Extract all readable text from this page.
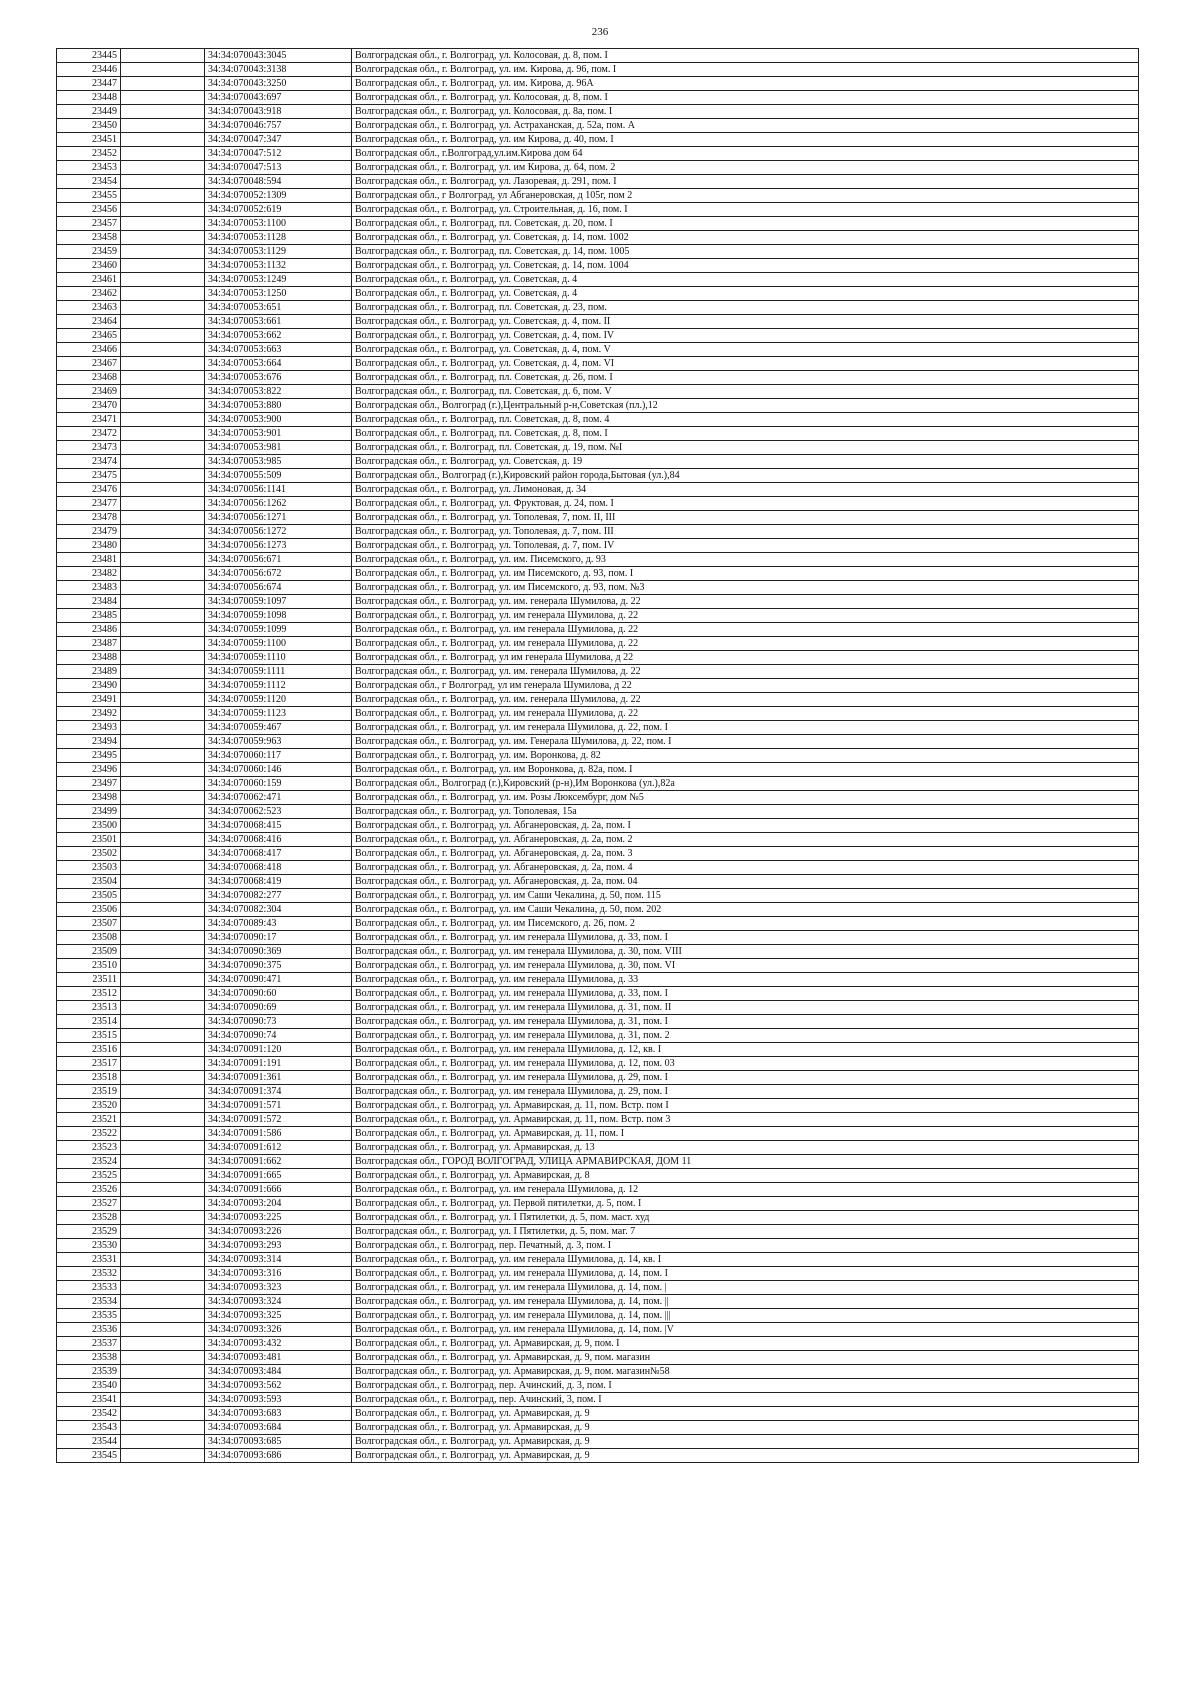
236
23445		34:34:070043:3045	Волгоградская обл., г. Волгоград, ул. Колосовая, д. 8, пом. I
23446		34:34:070043:3138	Волгоградская обл., г. Волгоград, ул. им. Кирова, д. 96, пом. I
23447		34:34:070043:3250	Волгоградская обл., г. Волгоград, ул. им. Кирова, д. 96А
23448		34:34:070043:697	Волгоградская обл., г. Волгоград, ул. Колосовая, д. 8, пом. I
23449		34:34:070043:918	Волгоградская обл., г. Волгоград, ул. Колосовая, д. 8а, пом. I
23450		34:34:070046:757	Волгоградская обл., г. Волгоград, ул. Астраханская, д. 52а, пом. А
23451		34:34:070047:347	Волгоградская обл., г. Волгоград, ул. им Кирова, д. 40, пом. I
23452		34:34:070047:512	Волгоградская обл., г.Волгоград,ул.им.Кирова дом 64
23453		34:34:070047:513	Волгоградская обл., г. Волгоград, ул. им Кирова, д. 64, пом. 2
23454		34:34:070048:594	Волгоградская обл., г. Волгоград, ул. Лазоревая, д. 291, пом. I
23455		34:34:070052:1309	Волгоградская обл., г Волгоград, ул Абганеровская, д 105г, пом 2
23456		34:34:070052:619	Волгоградская обл., г. Волгоград, ул. Строительная, д. 16, пом. I
23457		34:34:070053:1100	Волгоградская обл., г. Волгоград, пл. Советская, д. 20, пом. I
23458		34:34:070053:1128	Волгоградская обл., г. Волгоград, ул. Советская, д. 14, пом. 1002
23459		34:34:070053:1129	Волгоградская обл., г. Волгоград, пл. Советская, д. 14, пом. 1005
23460		34:34:070053:1132	Волгоградская обл., г. Волгоград, ул. Советская, д. 14, пом. 1004
23461		34:34:070053:1249	Волгоградская обл., г. Волгоград, ул. Советская, д. 4
23462		34:34:070053:1250	Волгоградская обл., г. Волгоград, ул. Советская, д. 4
23463		34:34:070053:651	Волгоградская обл., г. Волгоград, пл. Советская, д. 23, пом.
23464		34:34:070053:661	Волгоградская обл., г. Волгоград, ул. Советская, д. 4, пом. II
23465		34:34:070053:662	Волгоградская обл., г. Волгоград, ул. Советская, д. 4, пом. IV
23466		34:34:070053:663	Волгоградская обл., г. Волгоград, ул. Советская, д. 4, пом. V
23467		34:34:070053:664	Волгоградская обл., г. Волгоград, ул. Советская, д. 4, пом. VI
23468		34:34:070053:676	Волгоградская обл., г. Волгоград, пл. Советская, д. 26, пом. I
23469		34:34:070053:822	Волгоградская обл., г. Волгоград, пл. Советская, д. 6, пом. V
23470		34:34:070053:880	Волгоградская обл., Волгоград (г.),Центральный р-н,Советская (пл.),12
23471		34:34:070053:900	Волгоградская обл., г. Волгоград, пл. Советская, д. 8, пом. 4
23472		34:34:070053:901	Волгоградская обл., г. Волгоград, пл. Советская, д. 8, пом. I
23473		34:34:070053:981	Волгоградская обл., г. Волгоград, пл. Советская, д. 19, пом. №I
23474		34:34:070053:985	Волгоградская обл., г. Волгоград, ул. Советская, д. 19
23475		34:34:070055:509	Волгоградская обл., Волгоград (г.),Кировский район города,Бытовая (ул.),84
23476		34:34:070056:1141	Волгоградская обл., г. Волгоград, ул. Лимоновая, д. 34
23477		34:34:070056:1262	Волгоградская обл., г. Волгоград, ул. Фруктовая, д. 24, пом. I
23478		34:34:070056:1271	Волгоградская обл., г. Волгоград, ул. Тополевая, 7, пом. II, III
23479		34:34:070056:1272	Волгоградская обл., г. Волгоград, ул. Тополевая, д. 7, пом. III
23480		34:34:070056:1273	Волгоградская обл., г. Волгоград, ул. Тополевая, д. 7, пом. IV
23481		34:34:070056:671	Волгоградская обл., г. Волгоград, ул. им. Писемского, д. 93
23482		34:34:070056:672	Волгоградская обл., г. Волгоград, ул. им Писемского, д. 93, пом. I
23483		34:34:070056:674	Волгоградская обл., г. Волгоград, ул. им Писемского, д. 93, пом. №3
23484		34:34:070059:1097	Волгоградская обл., г. Волгоград, ул. им. генерала Шумилова, д. 22
23485		34:34:070059:1098	Волгоградская обл., г. Волгоград, ул. им генерала Шумилова, д. 22
23486		34:34:070059:1099	Волгоградская обл., г. Волгоград, ул. им генерала Шумилова, д. 22
23487		34:34:070059:1100	Волгоградская обл., г. Волгоград, ул. им генерала Шумилова, д. 22
23488		34:34:070059:1110	Волгоградская обл., г. Волгоград, ул им генерала Шумилова, д 22
23489		34:34:070059:1111	Волгоградская обл., г. Волгоград, ул. им. генерала Шумилова, д. 22
23490		34:34:070059:1112	Волгоградская обл., г Волгоград, ул им генерала Шумилова, д 22
23491		34:34:070059:1120	Волгоградская обл., г. Волгоград, ул. им. генерала Шумилова, д. 22
23492		34:34:070059:1123	Волгоградская обл., г. Волгоград, ул. им генерала Шумилова, д. 22
23493		34:34:070059:467	Волгоградская обл., г. Волгоград, ул. им генерала Шумилова, д. 22, пом. I
23494		34:34:070059:963	Волгоградская обл., г. Волгоград, ул. им. Генерала Шумилова, д. 22, пом. I
23495		34:34:070060:117	Волгоградская обл., г. Волгоград, ул. им. Воронкова, д. 82
23496		34:34:070060:146	Волгоградская обл., г. Волгоград, ул. им Воронкова, д. 82а, пом. I
23497		34:34:070060:159	Волгоградская обл., Волгоград (г.),Кировский (р-н),Им Воронкова (ул.),82а
23498		34:34:070062:471	Волгоградская обл., г. Волгоград, ул. им. Розы Люксембург, дом №5
23499		34:34:070062:523	Волгоградская обл., г. Волгоград, ул. Тополевая, 15а
23500		34:34:070068:415	Волгоградская обл., г. Волгоград, ул. Абганеровская, д. 2а, пом. I
23501		34:34:070068:416	Волгоградская обл., г. Волгоград, ул. Абганеровская, д. 2а, пом. 2
23502		34:34:070068:417	Волгоградская обл., г. Волгоград, ул. Абганеровская, д. 2а, пом. 3
23503		34:34:070068:418	Волгоградская обл., г. Волгоград, ул. Абганеровская, д. 2а, пом. 4
23504		34:34:070068:419	Волгоградская обл., г. Волгоград, ул. Абганеровская, д. 2а, пом. 04
23505		34:34:070082:277	Волгоградская обл., г. Волгоград, ул. им Саши Чекалина, д. 50, пом. 115
23506		34:34:070082:304	Волгоградская обл., г. Волгоград, ул. им Саши Чекалина, д. 50, пом. 202
23507		34:34:070089:43	Волгоградская обл., г. Волгоград, ул. им Писемского, д. 26, пом. 2
23508		34:34:070090:17	Волгоградская обл., г. Волгоград, ул. им генерала Шумилова, д. 33, пом. I
23509		34:34:070090:369	Волгоградская обл., г. Волгоград, ул. им генерала Шумилова, д. 30, пом. VIII
23510		34:34:070090:375	Волгоградская обл., г. Волгоград, ул. им генерала Шумилова, д. 30, пом. VI
23511		34:34:070090:471	Волгоградская обл., г. Волгоград, ул. им генерала Шумилова, д. 33
23512		34:34:070090:60	Волгоградская обл., г. Волгоград, ул. им генерала Шумилова, д. 33, пом. I
23513		34:34:070090:69	Волгоградская обл., г. Волгоград, ул. им генерала Шумилова, д. 31, пом. II
23514		34:34:070090:73	Волгоградская обл., г. Волгоград, ул. им генерала Шумилова, д. 31, пом. I
23515		34:34:070090:74	Волгоградская обл., г. Волгоград, ул. им генерала Шумилова, д. 31, пом. 2
23516		34:34:070091:120	Волгоградская обл., г. Волгоград, ул. им генерала Шумилова, д. 12, кв. I
23517		34:34:070091:191	Волгоградская обл., г. Волгоград, ул. им генерала Шумилова, д. 12, пом. 03
23518		34:34:070091:361	Волгоградская обл., г. Волгоград, ул. им генерала Шумилова, д. 29, пом. I
23519		34:34:070091:374	Волгоградская обл., г. Волгоград, ул. им генерала Шумилова, д. 29, пом. I
23520		34:34:070091:571	Волгоградская обл., г. Волгоград, ул. Армавирская, д. 11, пом. Встр. пом I
23521		34:34:070091:572	Волгоградская обл., г. Волгоград, ул. Армавирская, д. 11, пом. Встр. пом 3
23522		34:34:070091:586	Волгоградская обл., г. Волгоград, ул. Армавирская, д. 11, пом. I
23523		34:34:070091:612	Волгоградская обл., г. Волгоград, ул. Армавирская, д. 13
23524		34:34:070091:662	Волгоградская обл., ГОРОД ВОЛГОГРАД, УЛИЦА АРМАВИРСКАЯ, ДОМ 11
23525		34:34:070091:665	Волгоградская обл., г. Волгоград, ул. Армавирская, д. 8
23526		34:34:070091:666	Волгоградская обл., г. Волгоград, ул. им генерала Шумилова, д. 12
23527		34:34:070093:204	Волгоградская обл., г. Волгоград, ул. Первой пятилетки, д. 5, пом. I
23528		34:34:070093:225	Волгоградская обл., г. Волгоград, ул. I Пятилетки, д. 5, пом. маст. худ
23529		34:34:070093:226	Волгоградская обл., г. Волгоград, ул. I Пятилетки, д. 5, пом. маг. 7
23530		34:34:070093:293	Волгоградская обл., г. Волгоград, пер. Печатный, д. 3, пом. I
23531		34:34:070093:314	Волгоградская обл., г. Волгоград, ул. им генерала Шумилова, д. 14, кв. I
23532		34:34:070093:316	Волгоградская обл., г. Волгоград, ул. им генерала Шумилова, д. 14, пом. I
23533		34:34:070093:323	Волгоградская обл., г. Волгоград, ул. им генерала Шумилова, д. 14, пом. |
23534		34:34:070093:324	Волгоградская обл., г. Волгоград, ул. им генерала Шумилова, д. 14, пом. ||
23535		34:34:070093:325	Волгоградская обл., г. Волгоград, ул. им генерала Шумилова, д. 14, пом. |||
23536		34:34:070093:326	Волгоградская обл., г. Волгоград, ул. им генерала Шумилова, д. 14, пом. |V
23537		34:34:070093:432	Волгоградская обл., г. Волгоград, ул. Армавирская, д. 9, пом. I
23538		34:34:070093:481	Волгоградская обл., г. Волгоград, ул. Армавирская, д. 9, пом. магазин
23539		34:34:070093:484	Волгоградская обл., г. Волгоград, ул. Армавирская, д. 9, пом. магазин№58
23540		34:34:070093:562	Волгоградская обл., г. Волгоград, пер. Ачинский, д. 3, пом. I
23541		34:34:070093:593	Волгоградская обл., г. Волгоград, пер. Ачинский, 3, пом. I
23542		34:34:070093:683	Волгоградская обл., г. Волгоград, ул. Армавирская, д. 9
23543		34:34:070093:684	Волгоградская обл., г. Волгоград, ул. Армавирская, д. 9
23544		34:34:070093:685	Волгоградская обл., г. Волгоград, ул. Армавирская, д. 9
23545		34:34:070093:686	Волгоградская обл., г. Волгоград, ул. Армавирская, д. 9
